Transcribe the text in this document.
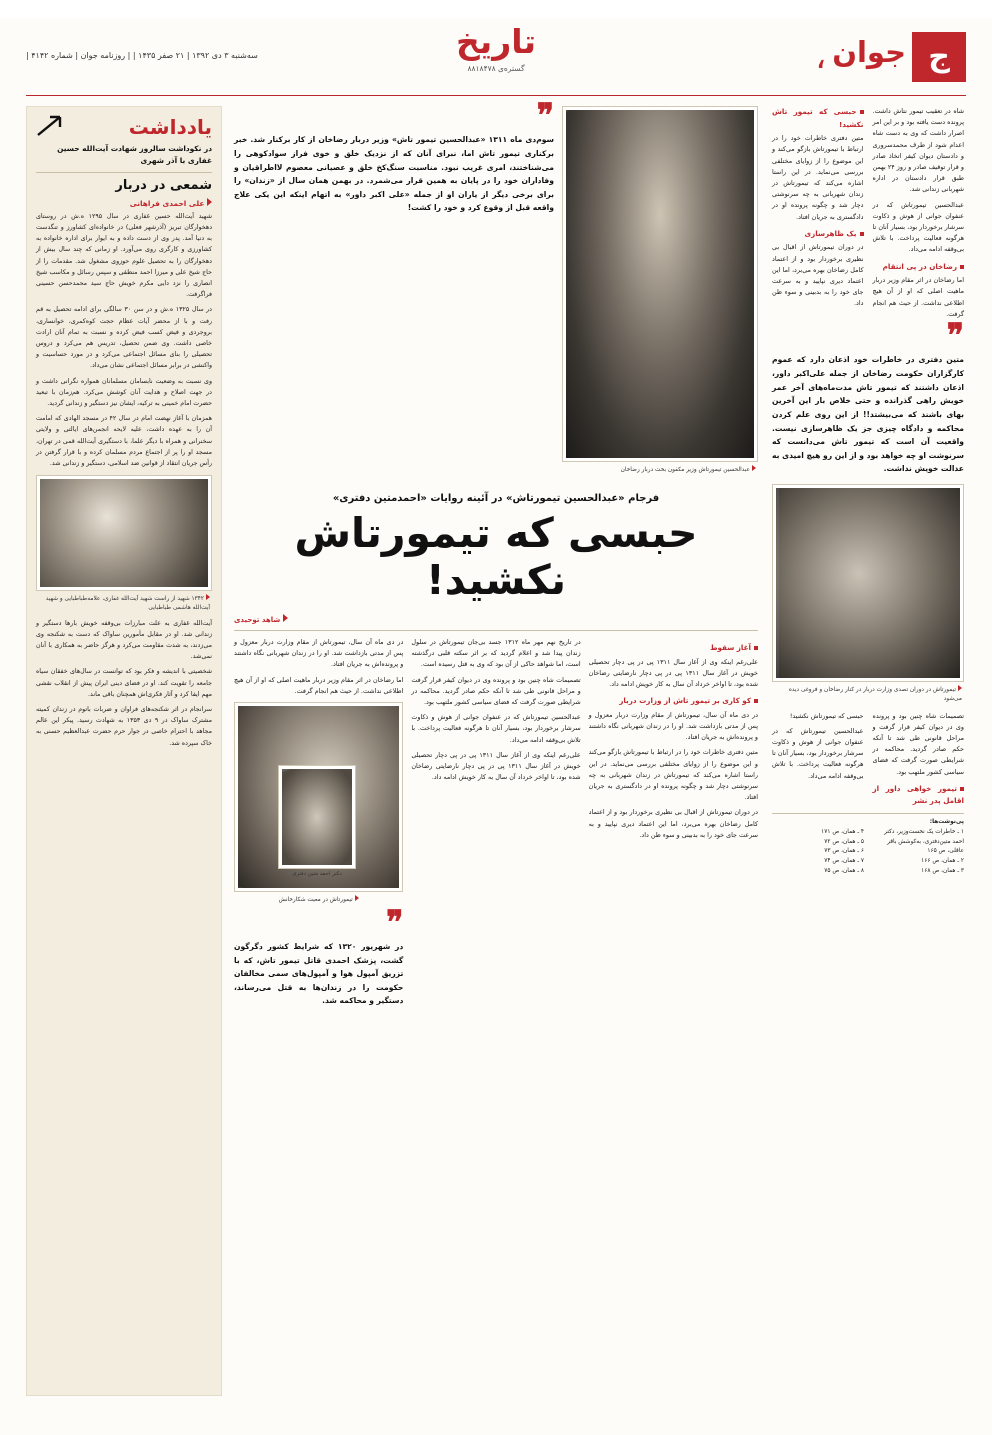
ج
جوان
،
تاریخ
گستره‌ی ۸۸۱۸۴۷۸
سه‌شنبه ۳ دی ۱۳۹۲ | ۲۱ صفر ۱۴۳۵ | | روزنامه جوان | شماره ۴۱۴۲ |

شاه در تعقیب تیمور نتاش داشت. پرونده دست یافته بود و بر این امر اصرار داشت که وی به دست شاه اعدام شود از طرف محمدسروری و دادستان دیوان کیفر اتخاذ صادر و قرار توقیف صادر و روز ۲۴ بهمن طبق قرار دادستان در اداره شهربانی زندانی شد.

عبدالحسین تیمورتاش که در عنفوان جوانی از هوش و ذکاوت سرشار برخوردار بود، بسیار آنان تا هرگونه فعالیت پرداخت. با تلاش بی‌وقفه ادامه می‌داد.

رضاخان در پی انتقام

اما رضاخان در اثر مقام وزیر دربار ماهیت اصلی که او از آن هیچ اطلاعی نداشت. از حیث هم انجام گرفت.

حبسی که تیمور تاش نکشید!

متین دفتری خاطرات خود را در ارتباط با تیمورتاش بازگو می‌کند و این موضوع را از زوایای مختلفی بررسی می‌نماید. در این راستا اشاره می‌کند که تیمورتاش در زندان شهربانی به چه سرنوشتی دچار شد و چگونه پرونده او در دادگستری به جریان افتاد.

یک ظاهرسازی

در دوران تیمورتاش از اقبال بی نظیری برخوردار بود و از اعتماد کامل رضاخان بهره می‌برد، اما این اعتماد دیری نپایید و به سرعت جای خود را به بدبینی و سوء ظن داد.

❞
متین دفتری در خاطرات خود اذعان دارد که عموم کارگزاران حکومت رضاخان از جمله علی‌اکبر داور، اذعان داشتند که تیمور تاش مدت‌ماه‌های آخر عمر خویش راهی گذرانده و حتی خلاص بار این آخرین بهای باشند که می‌بیشتد!! از این روی علم کردن محاکمه و دادگاه چیزی جز یک ظاهرسازی نیست. واقعیت آن است که تیمور تاش می‌دانست که سرنوشت او چه خواهد بود و از این رو هیچ امیدی به عدالت خویش نداشت.
تیمورتاش در دوران تصدی وزارت دربار در کنار رضاخان و فروغی دیده می‌شود

تصمیمات شاه چنین بود و پرونده وی در دیوان کیفر قرار گرفت و مراحل قانونی طی شد تا آنکه حکم صادر گردید. محاکمه در شرایطی صورت گرفت که فضای سیاسی کشور ملتهب بود.

تیمور خواهی داور از اقامل پدر نشر

حبسی که تیمورتاش نکشید!

عبدالحسین تیمورتاش که در عنفوان جوانی از هوش و ذکاوت سرشار برخوردار بود، بسیار آنان تا هرگونه فعالیت پرداخت. با تلاش بی‌وقفه ادامه می‌داد.

پی‌نوشت‌ها:
۱ ـ خاطرات یک نخست‌وزیر، دکتر احمد متین‌دفتری، به‌کوشش باقر عاقلی، ص ۱۶۵
۲ ـ همان، ص ۱۶۶
۳ ـ همان، ص ۱۶۸
۴ ـ همان، ص ۱۷۱
۵ ـ همان، ص ۷۲
۶ ـ همان، ص ۷۳
۷ ـ همان، ص ۷۴
۸ ـ همان، ص ۷۵
عبدالحسین تیمورتاش وزیر مکفون بخت دربار رضاخان
❞
سوم‌دی ماه ۱۳۱۱ «عبدالحسین تیمور تاش» وزیر دربار رضاخان از کار برکنار شد. خبر برکناری تیمور تاش اما، نبرای آنان که از نزدیک خلق و خوی فراز سوادکوهی را می‌شناختند، امری غریب نبود. مناسبت سنگ‌کخ خلق و عصیانی معصوم لااطراقیان و وفاداران خود را در پایان به همین قرار می‌شمرد. در بهمن همان سال از «زندان» را برای برخی دیگر از یاران او از جمله «علی اکبر داور» به اتهام اینکه این یکی علاج واقعه قبل از وقوع کرد و خود را کشت!
فرجام «عبدالحسین تیمورتاش» در آئینه روایات «احمدمتین دفتری»
حبسی که تیمورتاش نکشید!
شاهد توحیدی
آغاز سقوط

علی‌رغم اینکه وی از آغاز سال ۱۳۱۱ پی در پی دچار تحصیلی خویش در آغاز سال ۱۳۱۱ پی در پی دچار نارضایتی رضاخان شده بود، تا اواخر خرداد آن سال به کار خویش ادامه داد.

کو کاری بر تیمور تاش از وزارت دربار

در دی ماه آن سال، تیمورتاش از مقام وزارت دربار معزول و پس از مدتی بازداشت شد. او را در زندان شهربانی نگاه داشتند و پرونده‌اش به جریان افتاد.

متین دفتری خاطرات خود را در ارتباط با تیمورتاش بازگو می‌کند و این موضوع را از زوایای مختلفی بررسی می‌نماید. در این راستا اشاره می‌کند که تیمورتاش در زندان شهربانی به چه سرنوشتی دچار شد و چگونه پرونده او در دادگستری به جریان افتاد.

در دوران تیمورتاش از اقبال بی نظیری برخوردار بود و از اعتماد کامل رضاخان بهره می‌برد، اما این اعتماد دیری نپایید و به سرعت جای خود را به بدبینی و سوء ظن داد.

در تاریخ نهم مهر ماه ۱۳۱۲ جسد بی‌جان تیمورتاش در سلول زندان پیدا شد و اعلام گردید که بر اثر سکته قلبی درگذشته است، اما شواهد حاکی از آن بود که وی به قتل رسیده است.

تصمیمات شاه چنین بود و پرونده وی در دیوان کیفر قرار گرفت و مراحل قانونی طی شد تا آنکه حکم صادر گردید. محاکمه در شرایطی صورت گرفت که فضای سیاسی کشور ملتهب بود.

عبدالحسین تیمورتاش که در عنفوان جوانی از هوش و ذکاوت سرشار برخوردار بود، بسیار آنان تا هرگونه فعالیت پرداخت. با تلاش بی‌وقفه ادامه می‌داد.

علی‌رغم اینکه وی از آغاز سال ۱۳۱۱ پی در پی دچار تحصیلی خویش در آغاز سال ۱۳۱۱ پی در پی دچار نارضایتی رضاخان شده بود، تا اواخر خرداد آن سال به کار خویش ادامه داد.

در دی ماه آن سال، تیمورتاش از مقام وزارت دربار معزول و پس از مدتی بازداشت شد. او را در زندان شهربانی نگاه داشتند و پرونده‌اش به جریان افتاد.

اما رضاخان در اثر مقام وزیر دربار ماهیت اصلی که او از آن هیچ اطلاعی نداشت. از حیث هم انجام گرفت.

تیمورتاش در معیت شکارخانش
❞
در شهریور ۱۳۲۰ که شرایط کشور دگرگون گشت، پزشک احمدی قاتل تیمور تاش، که با تزریق آمپول هوا و آمپول‌های سمی مخالفان حکومت را در زندان‌ها به قتل می‌رساند، دستگیر و محاکمه شد.
یادداشت
در نکوداشت سالروز شهادت آیت‌الله حسین غفاری با آذر شهری
شمعی در دربار
علی احمدی فراهانی

شهید آیت‌الله حسین غفاری در سال ۱۲۹۵ ه.ش در روستای دهخوارگان تبریز (آذرشهر فعلی) در خانواده‌ای کشاورز و تنگدست به دنیا آمد. پدر وی از دست داده و به ایوار برای اداره خانواده به کشاورزی و کارگری روی می‌آورد. او زمانی که چند سال بیش از دهخوارگان را به تحصیل علوم حوزوی مشغول شد. مقدمات را از حاج شیخ علی و میرزا احمد منطقی و سپس رسائل و مکاسب شیخ انصاری را نزد دایی مکرم خویش حاج سید محمدحسن حسینی فراگرفت.

در سال ۱۳۲۵ ه.ش و در سن ۳۰ سالگی برای ادامه تحصیل به قم رفت و با از محضر آیات عظام حجت کوه‌کمری، خوانساری، بروجردی و فیض کسب فیض کرده و نسبت به تمام آنان ارادت خاصی داشت. وی ضمن تحصیل، تدریس هم می‌کرد و دروس تحصیلی را بنای مسائل اجتماعی می‌کرد و در مورد حساسیت و واکنشی در برابر مسائل اجتماعی نشان می‌داد.

وی نسبت به وضعیت نابسامان مسلمانان همواره نگرانی داشت و در جهت اصلاح و هدایت آنان کوشش می‌کرد. هم‌زمان با تبعید حضرت امام خمینی به ترکیه، ایشان نیز دستگیر و زندانی گردید.

همزمان با آغاز نهضت امام در سال ۴۲ در مسجد الهادی که امامت آن را به عهده داشت، علیه لایحه انجمن‌های ایالتی و ولایتی سخنرانی و همراه با دیگر علما، با دستگیری آیت‌الله قمی در تهران، مسجد او را پر از اجتماع مردم مسلمان کرده و با قرار گرفتن در رأس جریان انتقاد از قوانین ضد اسلامی، دستگیر و زندانی شد.

۱۳۴۲ شهید از راست شهید آیت‌الله غفاری، علامه‌طباطبایی و شهید آیت‌الله هاشمی طباطبایی

آیت‌الله غفاری به علت مبارزات بی‌وقفه خویش بارها دستگیر و زندانی شد. او در مقابل مأمورین ساواک که دست به شکنجه وی می‌زدند، به شدت مقاومت می‌کرد و هرگز حاضر به همکاری با آنان نمی‌شد.

شخصیتی با اندیشه و فکر بود که توانست در سال‌های خفقان سیاه جامعه را تقویت کند. او در فضای دینی ایران پیش از انقلاب نقشی مهم ایفا کرد و آثار فکری‌اش همچنان باقی ماند.

سرانجام در اثر شکنجه‌های فراوان و ضربات باتوم در زندان کمیته مشترک ساواک در ۹ دی ۱۳۵۳ به شهادت رسید. پیکر این عالم مجاهد با احترام خاصی در جوار حرم حضرت عبدالعظیم حسنی به خاک سپرده شد.

دکتر احمد متین دفتری
